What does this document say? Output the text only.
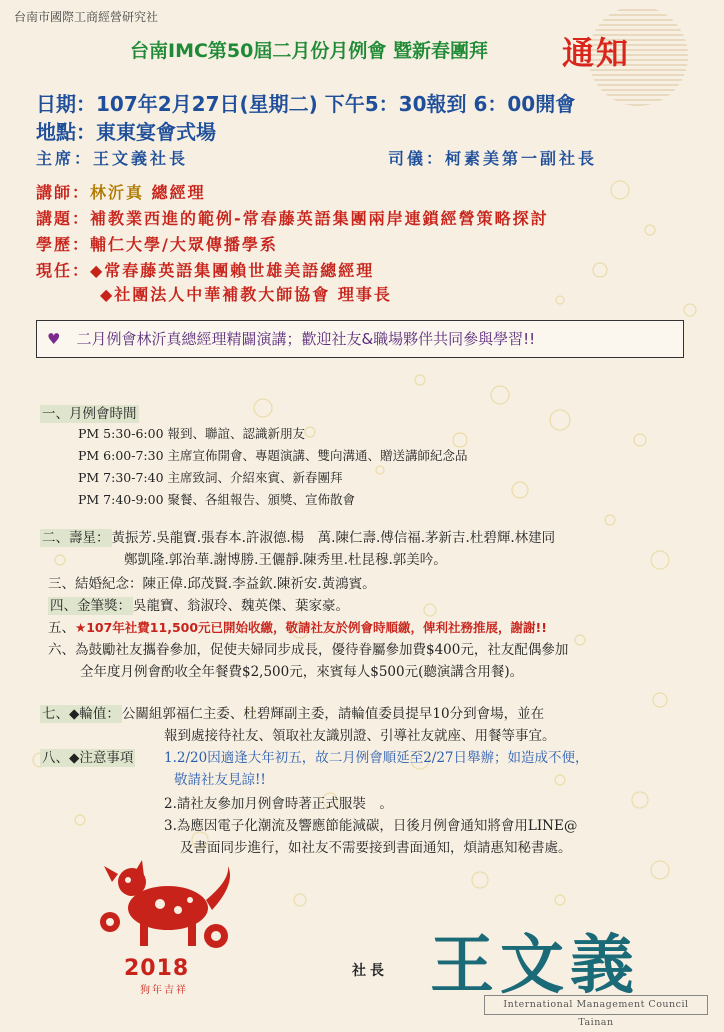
台南市國際工商經營研究社
台南IMC第50屆二月份月例會 暨新春團拜 通知
日期：107年2月27日(星期二) 下午5：30報到 6：00開會
地點：東東宴會式場
主席：王文義社長	司儀：柯素美第一副社長
講師：林沂真 總經理
講題：補教業西進的範例-常春藤英語集團兩岸連鎖經營策略探討
學歷：輔仁大學/大眾傳播學系
現任：◆常春藤英語集團賴世雄美語總經理
◆社團法人中華補教大師協會 理事長
♥ 二月例會林沂真總經理精闢演講；歡迎社友&職場夥伴共同參與學習!!
一、月例會時間
PM 5:30-6:00 報到、聯誼、認識新朋友
PM 6:00-7:30 主席宣佈開會、專題演講、雙向溝通、贈送講師紀念品
PM 7:30-7:40 主席致詞、介紹來賓、新春團拜
PM 7:40-9:00 聚餐、各組報告、頒獎、宣佈散會
二、壽星： 黃振芳.吳龍寶.張春本.許淑德.楊　萬.陳仁壽.傅信福.茅新吉.杜碧輝.林建同
鄭凱隆.郭治華.謝博勝.王儷靜.陳秀里.杜昆穆.郭美吟。
三、結婚紀念：陳正偉.邱茂賢.李益欽.陳祈安.黃鴻賓。
四、金筆獎： 吳龍寶、翁淑玲、魏英傑、葉家豪。
五、★107年社費11,500元已開始收繳，敬請社友於例會時順繳，俾利社務推展，謝謝!!
六、為鼓勵社友攜眷參加，促使夫婦同步成長，優待眷屬參加費$400元，社友配偶參加
全年度月例會酌收全年餐費$2,500元，來賓每人$500元(聽演講含用餐)。
七、◆輪值： 公關組郭福仁主委、杜碧輝副主委，請輪值委員提早10分到會場，並在
報到處接待社友、領取社友識別證、引導社友就座、用餐等事宜。
八、◆注意事項 1.2/20因適逢大年初五，故二月例會順延至2/27日舉辦；如造成不便，
敬請社友見諒!!
2.請社友參加月例會時著正式服裝　。
3.為應因電子化潮流及響應節能減碳，日後月例會通知將會用LINE@
及書面同步進行，如社友不需要接到書面通知，煩請惠知秘書處。
2018
狗年吉祥
社長 王文義
International Management Council Tainan
